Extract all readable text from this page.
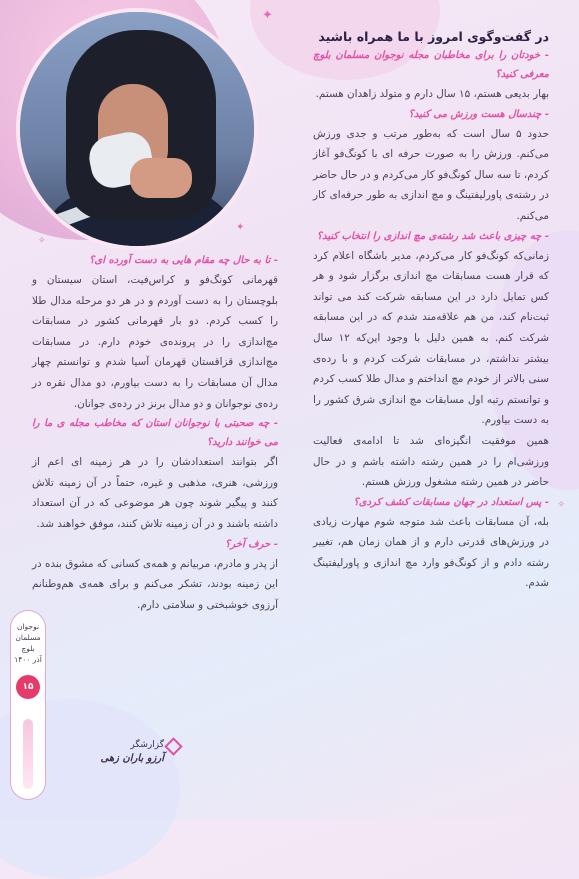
✦
✧
در گفت‌وگوی امروز با ما همراه باشید
- خودتان را برای مخاطبان مجله نوجوان مسلمان بلوچ معرفی کنید؟

بهار بدیعی هستم، ۱۵ سال دارم و متولد زاهدان هستم.

- چندسال هست ورزش می کنید؟

حدود ۵ سال است که به‌طور مرتب و جدی ورزش می‌کنم. ورزش را به صورت حرفه ای با کونگ‌فو آغاز کردم، تا سه سال کونگ‌فو کار می‌کردم و در حال حاضر در رشته‌ی پاورلیفتینگ و مچ اندازی به طور حرفه‌ای کار می‌کنم.

- چه چیزی باعث شد رشته‌ی مچ اندازی را انتخاب کنید؟

زمانی‌که کونگ‌فو کار می‌کردم، مدیر باشگاه اعلام کرد که قرار هست مسابقات مچ اندازی برگزار شود و هر کس تمایل دارد در این مسابقه شرکت کند می تواند ثبت‌نام کند، من هم علاقه‌مند شدم که در این مسابقه شرکت کنم. به همین دلیل با وجود این‌که ۱۲ سال بیشتر نداشتم، در مسابقات شرکت کردم و با رده‌ی سنی بالاتر از خودم مچ انداختم و مدال طلا کسب کردم و توانستم رتبه اول مسابقات مچ اندازی شرق کشور را به دست بیاورم.

همین موفقیت انگیزه‌ای شد تا ادامه‌ی فعالیت ورزشی‌ام را در همین رشته داشته باشم و در حال حاضر در همین رشته مشغول ورزش هستم.

- پس استعداد در جهان مسابقات کشف کردی؟

بله، آن مسابقات باعث شد متوجه شوم مهارت زیادی در ورزش‌های قدرتی دارم و از همان زمان هم، تغییر رشته دادم و از کونگ‌فو وارد مچ اندازی و پاورلیفتینگ شدم.

- تا به حال چه مقام هایی به دست آورده ای؟

قهرمانی کونگ‌فو و کراس‌فیت، استان سیستان و بلوچستان را به دست آوردم و در هر دو مرحله مدال طلا را کسب کردم. دو بار قهرمانی کشور در مسابقات مچ‌اندازی را در پرونده‌ی خودم دارم. در مسابقات مچ‌اندازی قزاقستان قهرمان آسیا شدم و توانستم چهار مدال آن مسابقات را به دست بیاورم، دو مدال نقره در رده‌ی نوجوانان و دو مدال برنز در رده‌ی جوانان.

- چه صحبتی با نوجوانان استان که مخاطب مجله ی ما را می خوانند دارید؟

اگر بتوانند استعدادشان را در هر زمینه ای اعم از ورزشی، هنری، مذهبی و غیره، حتماً در آن زمینه تلاش کنند و پیگیر شوند چون هر موضوعی که در آن استعداد داشته باشند و در آن زمینه تلاش کنند، موفق خواهند شد.

- حرف آخر؟

از پدر و مادرم، مربیانم و همه‌ی کسانی که مشوق بنده در این زمینه بودند، تشکر می‌کنم و برای همه‌ی هم‌وطنانم آرزوی خوشبختی و سلامتی دارم.

نوجوان
مسلمان
بلوچ
آذر ۱۴۰۰
۱۵
گزارشگر
آرزو باران زهی
